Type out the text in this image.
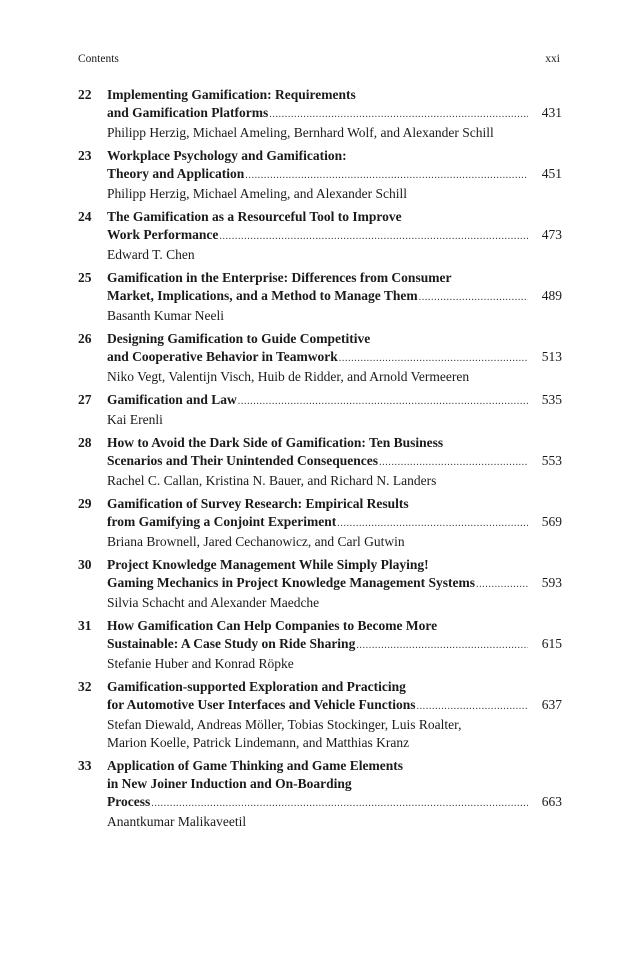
Contents	xxi
22	Implementing Gamification: Requirements
and Gamification Platforms .....	431
Philipp Herzig, Michael Ameling, Bernhard Wolf, and Alexander Schill
23	Workplace Psychology and Gamification:
Theory and Application .....	451
Philipp Herzig, Michael Ameling, and Alexander Schill
24	The Gamification as a Resourceful Tool to Improve
Work Performance .....	473
Edward T. Chen
25	Gamification in the Enterprise: Differences from Consumer
Market, Implications, and a Method to Manage Them .....	489
Basanth Kumar Neeli
26	Designing Gamification to Guide Competitive
and Cooperative Behavior in Teamwork .....	513
Niko Vegt, Valentijn Visch, Huib de Ridder, and Arnold Vermeeren
27	Gamification and Law .....	535
Kai Erenli
28	How to Avoid the Dark Side of Gamification: Ten Business
Scenarios and Their Unintended Consequences .....	553
Rachel C. Callan, Kristina N. Bauer, and Richard N. Landers
29	Gamification of Survey Research: Empirical Results
from Gamifying a Conjoint Experiment .....	569
Briana Brownell, Jared Cechanowicz, and Carl Gutwin
30	Project Knowledge Management While Simply Playing!
Gaming Mechanics in Project Knowledge Management Systems .....	593
Silvia Schacht and Alexander Maedche
31	How Gamification Can Help Companies to Become More
Sustainable: A Case Study on Ride Sharing .....	615
Stefanie Huber and Konrad Röpke
32	Gamification-supported Exploration and Practicing
for Automotive User Interfaces and Vehicle Functions .....	637
Stefan Diewald, Andreas Möller, Tobias Stockinger, Luis Roalter,
Marion Koelle, Patrick Lindemann, and Matthias Kranz
33	Application of Game Thinking and Game Elements
in New Joiner Induction and On-Boarding
Process .....	663
Anantkumar Malikaveetil
